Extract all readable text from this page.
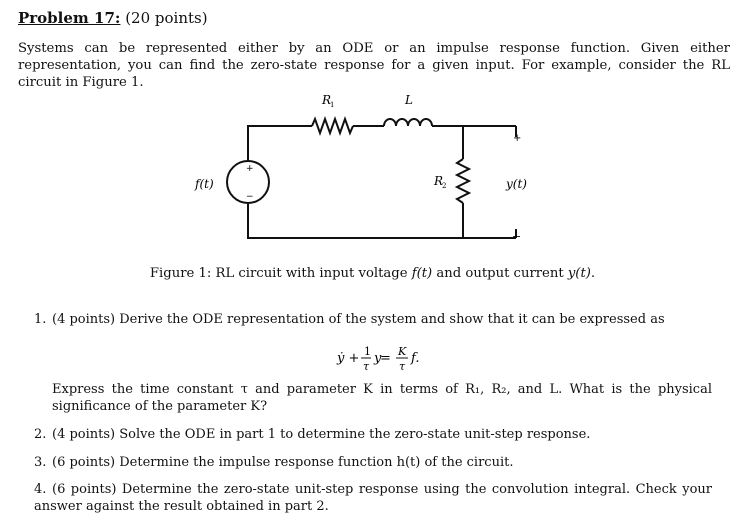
Problem 17: (20 points)
Systems can be represented either by an ODE or an impulse response function. Given either representation, you can find the zero-state response for a given input. For example, consider the RL circuit in Figure 1.
R
1	L
R
2
f(t)	y(t)
+
−
+
−
Figure 1: RL circuit with input voltage f(t) and output current y(t).
1. (4 points) Derive the ODE representation of the system and show that it can be expressed as
ẏ + 1
τ
y
= K
τ
f.
Express the time constant τ and parameter K in terms of R₁, R₂, and L. What is the physical significance of the parameter K?
2. (4 points) Solve the ODE in part 1 to determine the zero-state unit-step response.
3. (6 points) Determine the impulse response function h(t) of the circuit.
4. (6 points) Determine the zero-state unit-step response using the convolution integral. Check your answer against the result obtained in part 2.
